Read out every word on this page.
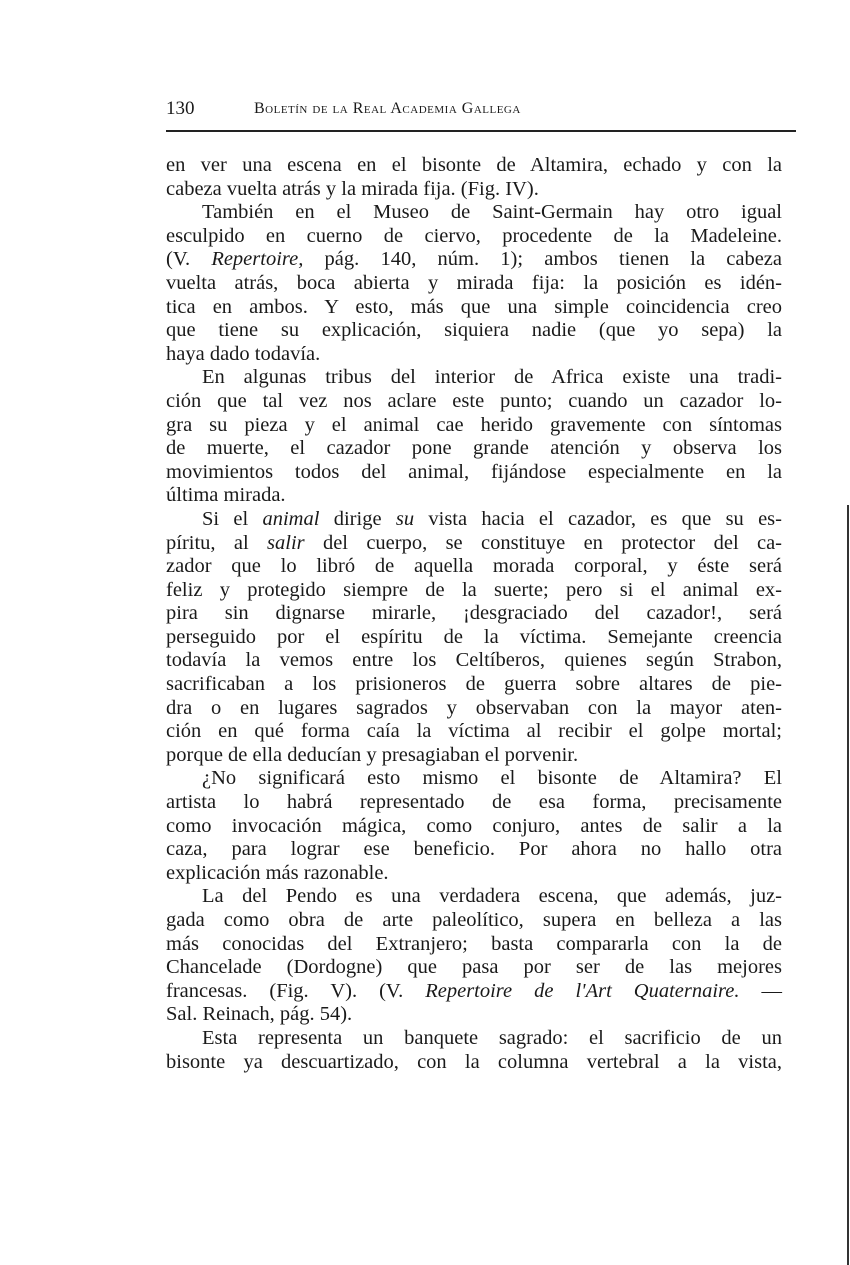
130	Boletín de la Real Academia Gallega
en ver una escena en el bisonte de Altamira, echado y con la
cabeza vuelta atrás y la mirada fija. (Fig. IV).
También en el Museo de Saint-Germain hay otro igual
esculpido en cuerno de ciervo, procedente de la Madeleine.
(V. Repertoire, pág. 140, núm. 1); ambos tienen la cabeza
vuelta atrás, boca abierta y mirada fija: la posición es idén-
tica en ambos. Y esto, más que una simple coincidencia creo
que tiene su explicación, siquiera nadie (que yo sepa) la
haya dado todavía.
En algunas tribus del interior de Africa existe una tradi-
ción que tal vez nos aclare este punto; cuando un cazador lo-
gra su pieza y el animal cae herido gravemente con síntomas
de muerte, el cazador pone grande atención y observa los
movimientos todos del animal, fijándose especialmente en la
última mirada.
Si el animal dirige su vista hacia el cazador, es que su es-
píritu, al salir del cuerpo, se constituye en protector del ca-
zador que lo libró de aquella morada corporal, y éste será
feliz y protegido siempre de la suerte; pero si el animal ex-
pira sin dignarse mirarle, ¡desgraciado del cazador!, será
perseguido por el espíritu de la víctima. Semejante creencia
todavía la vemos entre los Celtíberos, quienes según Strabon,
sacrificaban a los prisioneros de guerra sobre altares de pie-
dra o en lugares sagrados y observaban con la mayor aten-
ción en qué forma caía la víctima al recibir el golpe mortal;
porque de ella deducían y presagiaban el porvenir.
¿No significará esto mismo el bisonte de Altamira? El
artista lo habrá representado de esa forma, precisamente
como invocación mágica, como conjuro, antes de salir a la
caza, para lograr ese beneficio. Por ahora no hallo otra
explicación más razonable.
La del Pendo es una verdadera escena, que además, juz-
gada como obra de arte paleolítico, supera en belleza a las
más conocidas del Extranjero; basta compararla con la de
Chancelade (Dordogne) que pasa por ser de las mejores
francesas. (Fig. V). (V. Repertoire de l'Art Quaternaire. —
Sal. Reinach, pág. 54).
Esta representa un banquete sagrado: el sacrificio de un
bisonte ya descuartizado, con la columna vertebral a la vista,
